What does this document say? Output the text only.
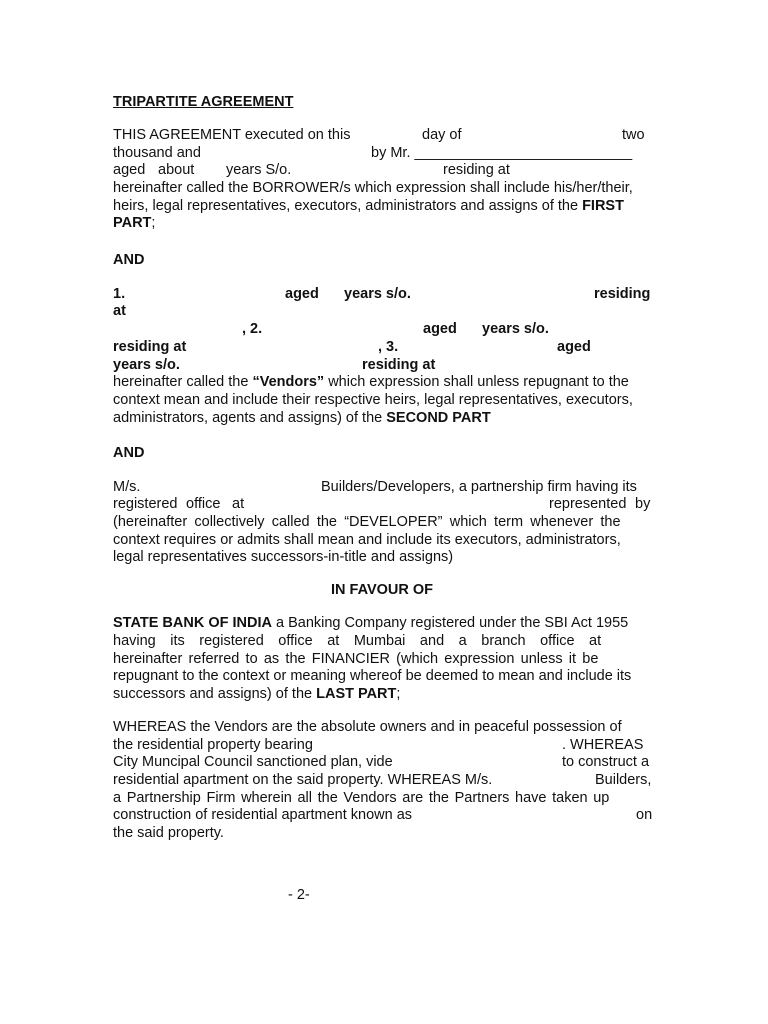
TRIPARTITE AGREEMENT
THIS AGREEMENT executed on this	day of	two
thousand and	by Mr. ___________________________
aged about years S/o.	residing at
hereinafter called the BORROWER/s which expression shall include his/her/their,
heirs, legal representatives, executors, administrators and assigns of the FIRST
PART;
AND
1.	aged years s/o.	residing
at
, 2.	aged years s/o.
residing at	, 3.	aged
years s/o.	residing at
hereinafter called the “Vendors” which expression shall unless repugnant to the
context mean and include their respective heirs, legal representatives, executors,
administrators, agents and assigns) of the SECOND PART
AND
M/s.	Builders/Developers, a partnership firm having its
registered office at	represented by
(hereinafter collectively called the “DEVELOPER” which term whenever the
context requires or admits shall mean and include its executors, administrators,
legal representatives successors-in-title and assigns)
IN FAVOUR OF
STATE BANK OF INDIA a Banking Company registered under the SBI Act 1955
having its registered office at Mumbai and a branch office at
hereinafter referred to as the FINANCIER (which expression unless it be
repugnant to the context or meaning whereof be deemed to mean and include its
successors and assigns) of the LAST PART;
WHEREAS the Vendors are the absolute owners and in peaceful possession of
the residential property bearing	. WHEREAS
City Muncipal Council sanctioned plan, vide	to construct a
residential apartment on the said property. WHEREAS M/s.	Builders,
a Partnership Firm wherein all the Vendors are the Partners have taken up
construction of residential apartment known as	on
the said property.
- 2-
